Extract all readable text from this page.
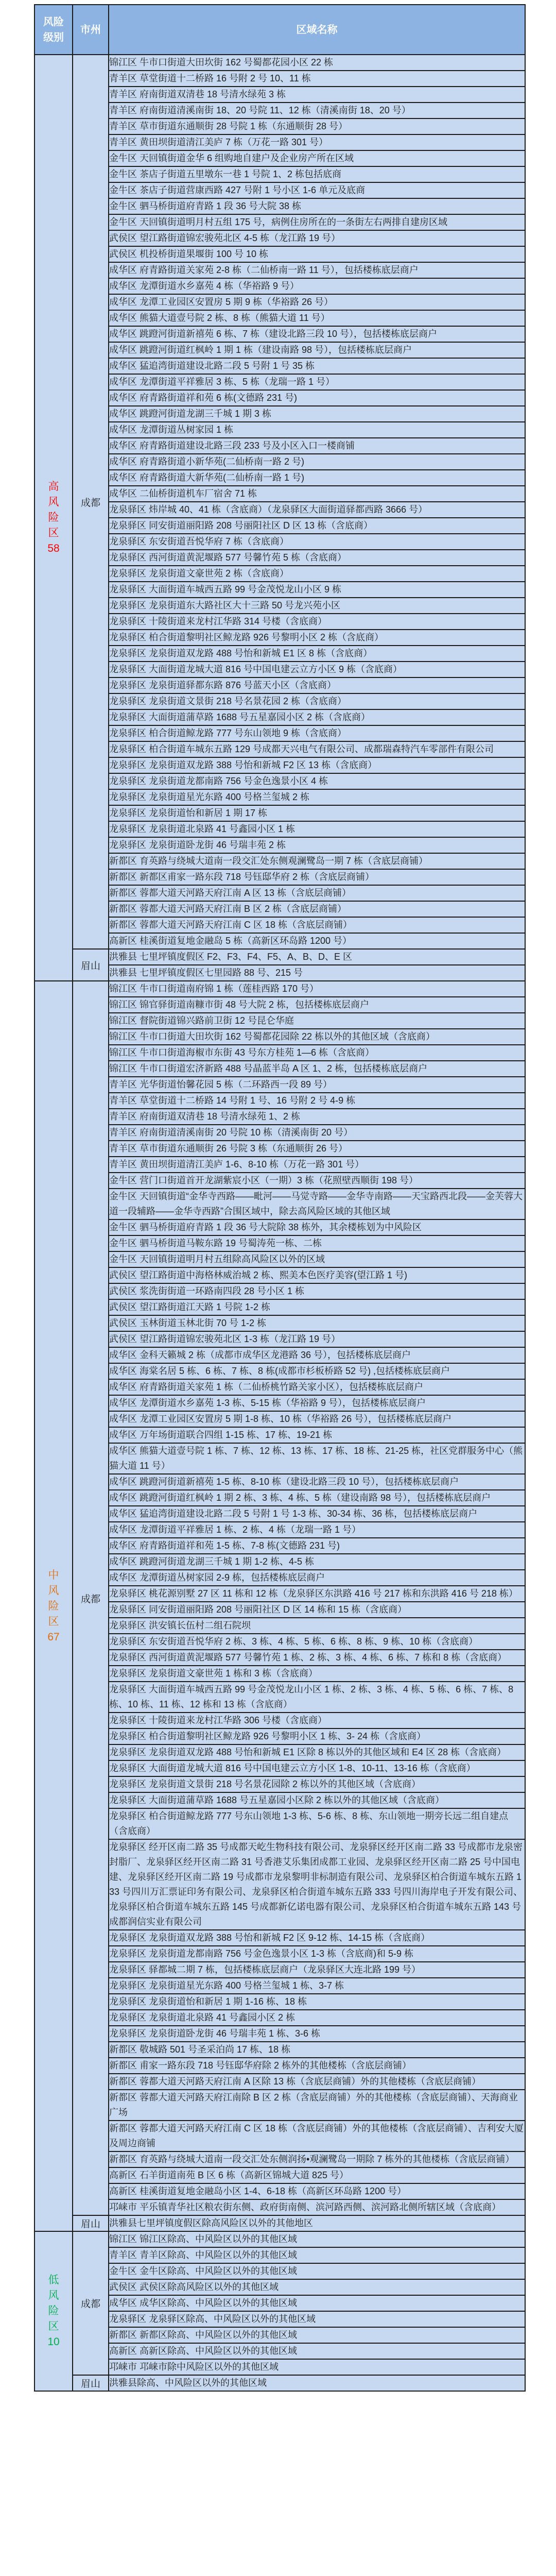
风险级别	市州	区域名称
高风险区
58
	成都	锦江区 牛市口街道大田坎街 162 号蜀都花园小区 22 栋
青羊区 草堂街道十二桥路 16 号附 2 号 10、11 栋
青羊区 府南街道双清巷 18 号清水绿苑 3 栋
青羊区 府南街道清溪南街 18、20 号院 11、12 栋（清溪南街 18、20 号）
青羊区 草市街道东通顺街 28 号院 1 栋（东通顺街 28 号）
青羊区 黄田坝街道清江美庐 7 栋（万花一路 301 号）
金牛区 天回镇街道金华 6 组购地自建户及企业房产所在区域
金牛区 茶店子街道五里墩东一巷 1 号院 1、2 栋包括底商
金牛区 茶店子街道营康西路 427 号附 1 号小区 1-6 单元及底商
金牛区 驷马桥街道府青路 1 段 36 号大院 38 栋
金牛区 天回镇街道明月村五组 175 号，病例住房所在的一条街左右两排自建房区域
武侯区 望江路街道锦宏骏苑北区 4-5 栋（龙江路 19 号）
武侯区 机投桥街道果堰街 100 号 10 栋
成华区 府青路街道关家苑 2-8 栋（二仙桥南一路 11 号），包括楼栋底层商户
成华区 龙潭街道水乡嘉苑 4 栋（华裕路 9 号）
成华区 龙潭工业园区安置房 5 期 9 栋（华裕路 26 号）
成华区 熊猫大道壹号院 2 栋、8 栋（熊猫大道 11 号）
成华区 跳蹬河街道新禧苑 6 栋、7 栋（建设北路三段 10 号），包括楼栋底层商户
成华区 跳蹬河街道红枫岭 1 期 1 栋（建设南路 98 号），包括楼栋底层商户
成华区 猛追湾街道建设北路二段 5 号附 1 号 35 栋
成华区 龙潭街道平祥雅居 3 栋、5 栋（龙瑞一路 1 号）
成华区 府青路街道祥和苑 6 栋(文德路 231 号)
成华区 跳蹬河街道龙湖三千城 1 期 3 栋
成华区 龙潭街道丛树家园 1 栋
成华区 府青路街道建设北路三段 233 号及小区入口一楼商铺
成华区 府青路街道小新华苑(二仙桥南一路 2 号)
成华区 府青路街道大新华苑(二仙桥南一路 1 号)
成华区 二仙桥街道机车厂宿舍 71 栋
龙泉驿区 炜岸城 40、41 栋（含底商）（龙泉驿区大面街道驿都西路 3666 号）
龙泉驿区 同安街道丽阳路 208 号丽阳社区 D 区 13 栋（含底商）
龙泉驿区 东安街道吾悦华府 7 栋（含底商）
龙泉驿区 西河街道黄泥堰路 577 号馨竹苑 5 栋（含底商）
龙泉驿区 龙泉街道文豪世苑 2 栋（含底商）
龙泉驿区 大面街道车城西五路 99 号金茂悦龙山小区 9 栋
龙泉驿区 龙泉街道东大路社区大十三路 50 号龙兴苑小区
龙泉驿区 十陵街道来龙村江华路 314 号楼（含底商）
龙泉驿区 柏合街道黎明社区鲸龙路 926 号黎明小区 2 栋（含底商）
龙泉驿区 龙泉街道双龙路 488 号怡和新城 E1 区 8 栋（含底商）
龙泉驿区 大面街道龙城大道 816 号中国电建云立方小区 9 栋（含底商）
龙泉驿区 龙泉街道驿都东路 876 号蓝天小区（含底商）
龙泉驿区 龙泉街道文景街 218 号名景花园 2 栋（含底商）
龙泉驿区 大面街道蒲草路 1688 号五星嘉园小区 2 栋（含底商）
龙泉驿区 柏合街道鲸龙路 777 号东山领地 9 栋（含底商）
龙泉驿区 柏合街道车城东五路 129 号成都天兴电气有限公司、成都瑞森特汽车零部件有限公司
龙泉驿区 龙泉街道双龙路 388 号怡和新城 F2 区 13 栋（含底商）
龙泉驿区 龙泉街道龙都南路 756 号金色逸景小区 4 栋
龙泉驿区 龙泉街道星光东路 400 号格兰玺城 2 栋
龙泉驿区 龙泉街道怡和新居 1 期 17 栋
龙泉驿区 龙泉街道北泉路 41 号鑫园小区 1 栋
龙泉驿区 龙泉街道卧龙街 46 号瑞丰苑 2 栋
新都区 育英路与绕城大道南一段交汇处东侧观澜鹭岛一期 7 栋（含底层商铺）
新都区 新都区甫家一路东段 718 号钰邸华府 2 栋（含底层商铺）
新都区 蓉都大道天河路天府江南 A 区 13 栋（含底层商铺）
新都区 蓉都大道天河路天府江南 B 区 2 栋（含底层商铺）
新都区 蓉都大道天河路天府江南 C 区 18 栋（含底层商铺）
高新区 桂溪街道复地金融岛 5 栋（高新区环岛路 1200 号）
眉山	洪雅县 七里坪镇度假区 F2、F3、F4、F5、A、B、D、E 区
洪雅县 七里坪镇度假区七里园路 88 号、215 号
中风险区
67
	成都	锦江区 牛市口街道南府锦 1 栋（莲桂西路 170 号）
锦江区 锦官驿街道南糠市街 48 号大院 2 栋，包括楼栋底层商户
锦江区 督院街道锦兴路前卫街 12 号昆仑华庭
锦江区 牛市口街道大田坎街 162 号蜀都花园除 22 栋以外的其他区域（含底商）
锦江区 牛市口街道海椒市东街 43 号东方桂苑 1—6 栋（含底商）
锦江区 牛市口街道宏济新路 488 号晶蓝半岛 A 区 1、2 栋，包括楼栋底层商户
青羊区 光华街道怡馨花园 5 栋（二环路西一段 89 号）
青羊区 草堂街道十二桥路 14 号附 1 号、16 号附 2 号 4-9 栋
青羊区 府南街道双清巷 18 号清水绿苑 1、2 栋
青羊区 府南街道清溪南街 20 号院 10 栋（清溪南街 20 号）
青羊区 草市街道东通顺街 26 号院 3 栋（东通顺街 26 号）
青羊区 黄田坝街道清江美庐 1-6、8-10 栋（万花一路 301 号）
金牛区 营门口街道首开龙湖紫宸小区（一期）3 栋（花照壁西顺街 198 号）
金牛区 天回镇街道“金华寺西路——毗河——马觉寺路——金华寺南路——天宝路西北段——金芙蓉大道一段辅路——金华寺西路”合围区域中，除去高风险区域的其他区域
金牛区 驷马桥街道府青路 1 段 36 号大院除 38 栋外，其余楼栋划为中风险区
金牛区 驷马桥街道马鞍东路 19 号蜀涛苑一栋、二栋
金牛区 天回镇街道明月村五组除高风险区以外的区域
武侯区 望江路街道中海格林威治城 2 栋、熙美本色医疗美容(望江路 1 号)
武侯区 浆洗街街道一环路南四段 28 号小区 1 栋
武侯区 望江路街道江天路 1 号院 1-2 栋
武侯区 玉林街道玉林北街 70 号 1-2 栋
武侯区 望江路街道锦宏骏苑北区 1-3 栋（龙江路 19 号）
成华区 金科天籁城 2 栋（成都市成华区龙港路 36 号），包括楼栋底层商户
成华区 海棠名居 5 栋、6 栋、7 栋、8 栋(成都市杉板桥路 52 号) ,包括楼栋底层商户
成华区 府青路街道关家苑 1 栋（二仙桥桃竹路关家小区），包括楼栋底层商户
成华区 龙潭街道水乡嘉苑 1-3 栋、5-15 栋（华裕路 9 号），包括楼栋底层商户
成华区 龙潭工业园区安置房 5 期 1-8 栋、10 栋（华裕路 26 号），包括楼栋底层商户
成华区 万年场街道联合四组 1-15 栋、17 栋、19-21 栋
成华区 熊猫大道壹号院 1 栋、7 栋、12 栋、13 栋、17 栋、18 栋、21-25 栋，社区党群服务中心（熊猫大道 11 号）
成华区 跳蹬河街道新禧苑 1-5 栋、8-10 栋（建设北路三段 10 号），包括楼栋底层商户
成华区 跳蹬河街道红枫岭 1 期 2 栋、3 栋、4 栋、5 栋（建设南路 98 号），包括楼栋底层商户
成华区 猛追湾街道建设北路二段 5 号附 1 号 1-3 栋、30-34 栋、36 栋，包括楼栋底层商户
成华区 龙潭街道平祥雅居 1 栋、2 栋、4 栋（龙瑞一路 1 号）
成华区 府青路街道祥和苑 1-5 栋、7-8 栋(文德路 231 号)
成华区 跳蹬河街道龙湖三千城 1 期 1-2 栋、4-5 栋
成华区 龙潭街道丛树家园 2-9 栋，包括楼栋底层商户
龙泉驿区 桃花源别墅 27 区 11 栋和 12 栋（龙泉驿区东洪路 416 号 217 栋和东洪路 416 号 218 栋）
龙泉驿区 同安街道丽阳路 208 号丽阳社区 D 区 14 栋和 15 栋（含底商）
龙泉驿区 洪安镇长伍村二组石院坝
龙泉驿区 东安街道吾悦华府 2 栋、3 栋、4 栋、5 栋、6 栋、8 栋、9 栋、10 栋（含底商）
龙泉驿区 西河街道黄泥堰路 577 号馨竹苑 1 栋、2 栋、3 栋、4 栋、6 栋、7 栋和 8 栋（含底商）
龙泉驿区 龙泉街道文豪世苑 1 栋和 3 栋（含底商）
龙泉驿区 大面街道车城西五路 99 号金茂悦龙山小区 1 栋、2 栋、3 栋、4 栋、5 栋、6 栋、7 栋、8 栋、10 栋、11 栋、12 栋和 13 栋（含底商）
龙泉驿区 十陵街道来龙村江华路 306 号楼（含底商）
龙泉驿区 柏合街道黎明社区鲸龙路 926 号黎明小区 1 栋、3- 24 栋（含底商）
龙泉驿区 龙泉街道双龙路 488 号怡和新城 E1 区除 8 栋以外的其他区域和 E4 区 28 栋（含底商）
龙泉驿区 大面街道龙城大道 816 号中国电建云立方小区 1-8、10-11、13-16 栋（含底商）
龙泉驿区 龙泉街道文景街 218 号名景花园除 2 栋以外的其他区域（含底商）
龙泉驿区 大面街道蒲草路 1688 号五星嘉园小区除 2 栋以外的其他区域（含底商）
龙泉驿区 柏合街道鲸龙路 777 号东山领地 1-3 栋、5-6 栋、8 栋、东山领地一期旁长远二组自建点（含底商）
龙泉驿区 经开区南二路 35 号成都天屹生物科技有限公司、龙泉驿区经开区南二路 33 号成都市龙泉密封脂厂、龙泉驿区经开区南二路 31 号香港艾乐集团成都工业园、龙泉驿区经开区南二路 25 号中国电建、龙泉驿区经开区南二路 19 号成都市龙泉黎明非标制造有限公司、龙泉驿区柏合街道车城东五路 133 号四川万汇票证印务有限公司、龙泉驿区柏合街道车城东五路 333 号四川海岸电子开发有限公司、龙泉驿区柏合街道车城东五路 145 号成都新亿诺电器有限公司、龙泉驿区柏合街道车城东五路 143 号成都润信实业有限公司
龙泉驿区 龙泉街道双龙路 388 号怡和新城 F2 区 9-12 栋、14-15 栋（含底商）
龙泉驿区 龙泉街道龙都南路 756 号金色逸景小区 1-3 栋（含底商)和 5-9 栋
龙泉驿区 驿都城二期 7 栋，包括楼栋底层商户（龙泉驿区大连北路 199 号）
龙泉驿区 龙泉街道星光东路 400 号格兰玺城 1 栋、3-7 栋
龙泉驿区 龙泉街道怡和新居 1 期 1-16 栋、18 栋
龙泉驿区 龙泉街道北泉路 41 号鑫园小区 2 栋
龙泉驿区 龙泉街道卧龙街 46 号瑞丰苑 1 栋、3-6 栋
新都区 敬城路 501 号圣采泊尚 17 栋、18 栋
新都区 甫家一路东段 718 号钰邸华府除 2 栋外的其他楼栋（含底层商铺）
新都区 蓉都大道天河路天府江南 A 区除 13 栋（含底层商铺）外的其他楼栋（含底层商铺）
新都区 蓉都大道天河路天府江南除 B 区 2 栋（含底层商铺）外的其他楼栋（含底层商铺）、天海商业广场
新都区 蓉都大道天河路天府江南 C 区 18 栋（含底层商铺）外的其他楼栋（含底层商铺）、吉利安大厦及周边商铺
新都区 育英路与绕城大道南一段交汇处东侧润扬•观澜鹭岛一期除 7 栋外的其他楼栋（含底层商铺）
高新区 石羊街道南苑 B 区 6 栋（高新区锦城大道 825 号）
高新区 桂溪街道复地金融岛小区 1-4、6-18 栋（高新区环岛路 1200 号）
邛崃市 平乐镇青华社区粮农街东侧、政府街南侧、滨河路西侧、滨河路北侧所辖区域（含底商）
眉山	洪雅县七里坪镇度假区除高风险区以外的其他地区
低风险区
10
	成都	锦江区 锦江区除高、中风险区以外的其他区域
青羊区 青羊区除高、中风险区以外的其他区域
金牛区 金牛区除高、中风险区以外的其他区域
武侯区 武侯区除高风险区以外的其他区域
成华区 成华区除高、中风险区以外的其他区域
龙泉驿区 龙泉驿区除高、中风险区以外的其他区域
新都区 新都区除高、中风险区以外的其他区域
高新区 高新区除高、中风险区以外的其他区域
邛崃市 邛崃市除中风险区以外的其他区域
眉山	洪雅县除高、中风险区以外的其他区域
